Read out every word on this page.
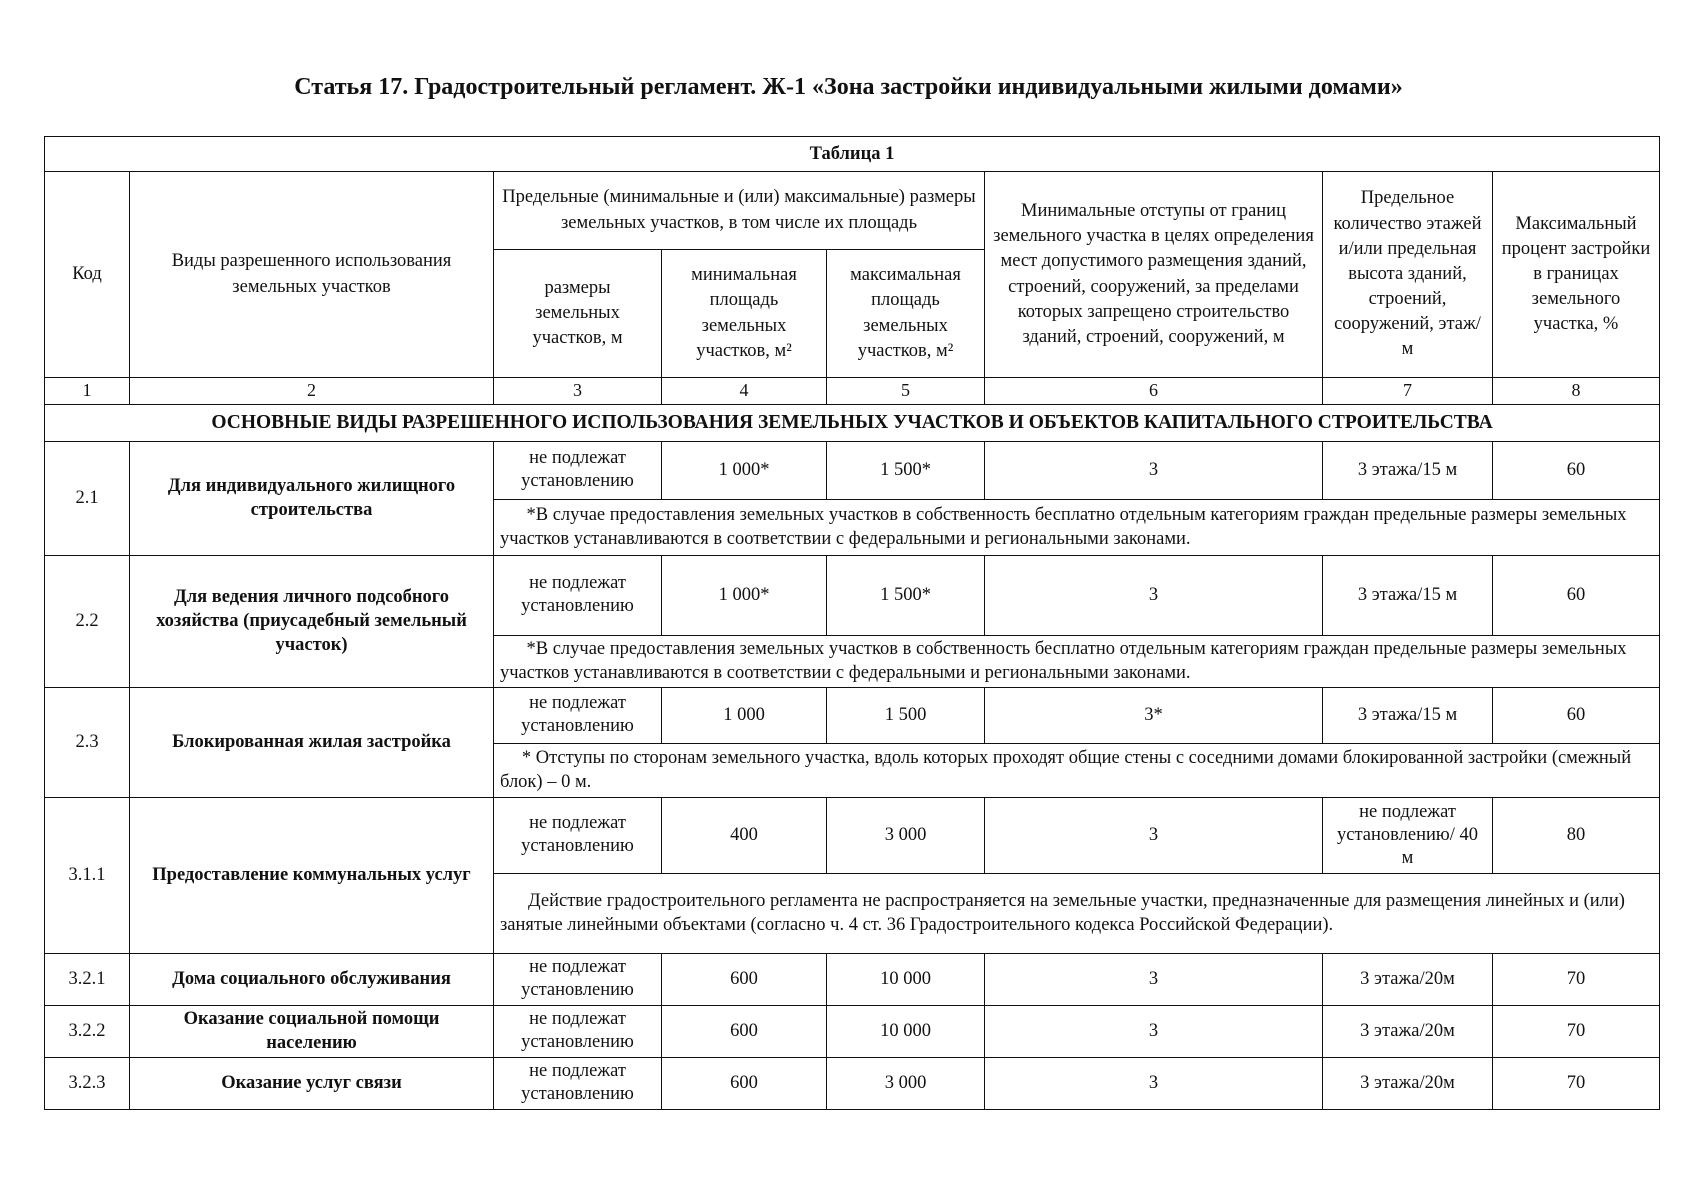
Статья 17. Градостроительный регламент. Ж-1 «Зона застройки индивидуальными жилыми домами»
Таблица 1							
Код	Виды разрешенного использования земельных участков	Предельные (минимальные и (или) максимальные) размеры земельных участков, в том числе их площадь			Минимальные отступы от границ земельного участка в целях определения мест допустимого размещения зданий, строений, сооружений, за пределами которых запрещено строительство зданий, строений, сооружений, м	Предельное количество этажей и/или предельная высота зданий, строений, сооружений, этаж/м	Максимальный процент застройки в границах земельного участка, %
		размеры земельных участков, м	минимальная площадь земельных участков, м²	максимальная площадь земельных участков, м²			
1	2	3	4	5	6	7	8
ОСНОВНЫЕ ВИДЫ РАЗРЕШЕННОГО ИСПОЛЬЗОВАНИЯ ЗЕМЕЛЬНЫХ УЧАСТКОВ И ОБЪЕКТОВ КАПИТАЛЬНОГО СТРОИТЕЛЬСТВА							
2.1	Для индивидуального жилищного строительства	не подлежат установлению	1 000*	1 500*	3	3 этажа/15 м	60
		*В случае предоставления земельных участков в собственность бесплатно отдельным категориям граждан предельные размеры земельных участков устанавливаются в соответствии с федеральными и региональными законами.					
2.2	Для ведения личного подсобного хозяйства (приусадебный земельный участок)	не подлежат установлению	1 000*	1 500*	3	3 этажа/15 м	60
		*В случае предоставления земельных участков в собственность бесплатно отдельным категориям граждан предельные размеры земельных участков устанавливаются в соответствии с федеральными и региональными законами.					
2.3	Блокированная жилая застройка	не подлежат установлению	1 000	1 500	3*	3 этажа/15 м	60
		* Отступы по сторонам земельного участка, вдоль которых проходят общие стены с соседними домами блокированной застройки (смежный блок) – 0 м.					
3.1.1	Предоставление коммунальных услуг	не подлежат установлению	400	3 000	3	не подлежат установлению/ 40 м	80
		Действие градостроительного регламента не распространяется на земельные участки, предназначенные для размещения линейных и (или) занятые линейными объектами (согласно ч. 4 ст. 36 Градостроительного кодекса Российской Федерации).					
3.2.1	Дома социального обслуживания	не подлежат установлению	600	10 000	3	3 этажа/20м	70
3.2.2	Оказание социальной помощи населению	не подлежат установлению	600	10 000	3	3 этажа/20м	70
3.2.3	Оказание услуг связи	не подлежат установлению	600	3 000	3	3 этажа/20м	70
